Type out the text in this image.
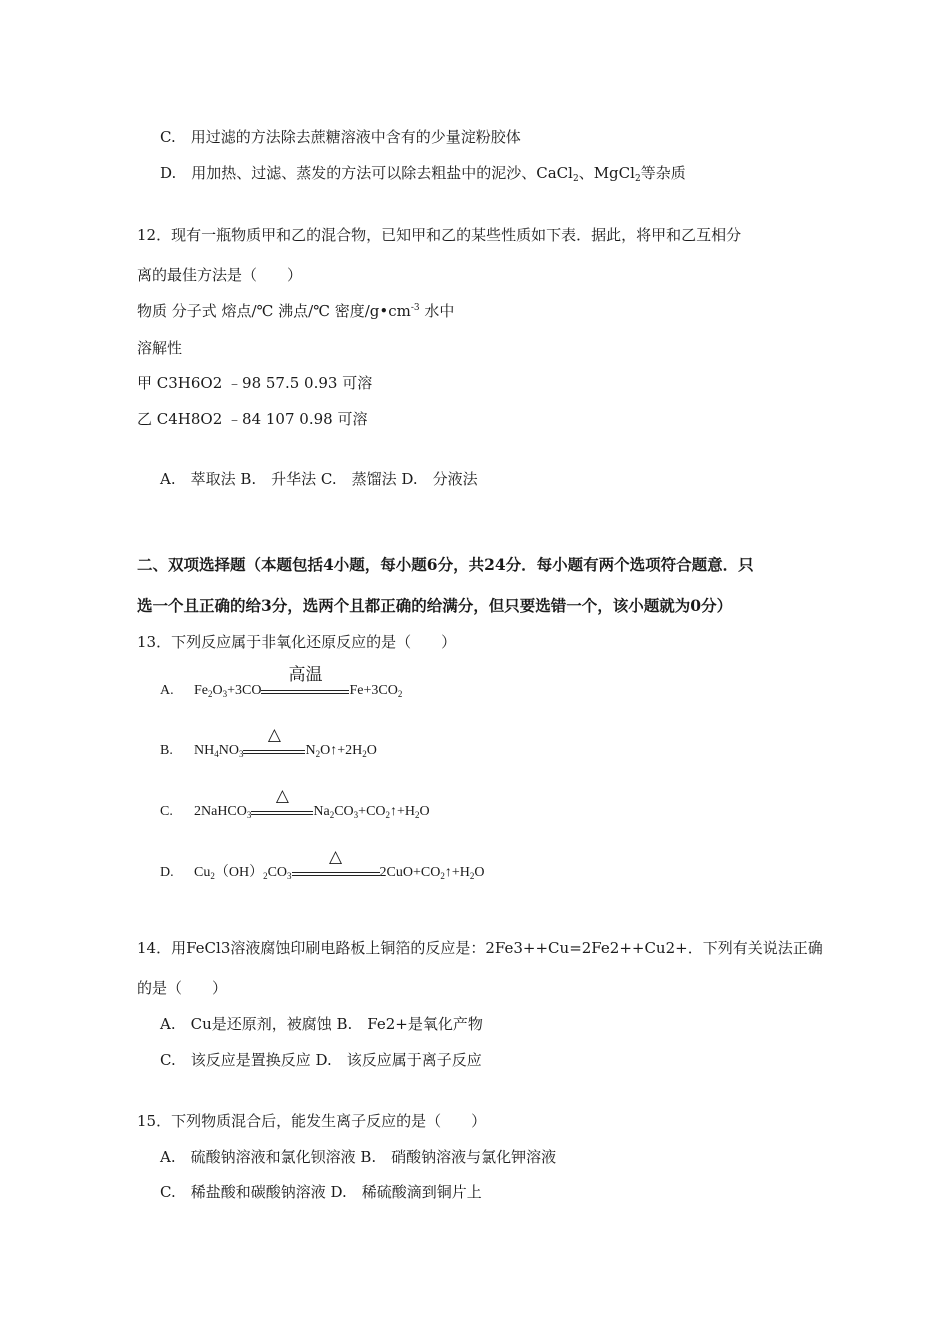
C.　用过滤的方法除去蔗糖溶液中含有的少量淀粉胶体
D.　用加热、过滤、蒸发的方法可以除去粗盐中的泥沙、CaCl$_2$、MgCl$_2$等杂质
12．现有一瓶物质甲和乙的混合物，已知甲和乙的某些性质如下表．据此，将甲和乙互相分
离的最佳方法是（　　）
物质 分子式 熔点/℃ 沸点/℃ 密度$/g•cm^{-3}$ 水中
溶解性
甲 C3H6O2 ﹣98 57.5 0.93 可溶
乙 C4H8O2 ﹣84 107 0.98 可溶
A.　萃取法 B.　升华法 C.　蒸馏法 D.　分液法
二、双项选择题（本题包括4小题，每小题6分，共24分．每小题有两个选项符合题意．只
选一个且正确的给3分，选两个且都正确的给满分，但只要选错一个，该小题就为0分）
13．下列反应属于非氧化还原反应的是（　　）
A. $Fe_2O_3+3CO$
高温
$Fe+3CO_2$
B. $NH_4NO_3$
△
$N_2O↑+2H_2O$
C. 2NaHCO$_3$
△
$Na_2CO_3+CO_2↑+H_2O$
D. $Cu_2(OH)_2CO_3$
△
$2CuO+CO_2↑+H_2O$
14．用FeCl3溶液腐蚀印刷电路板上铜箔的反应是：2Fe3++Cu=2Fe2++Cu2+．下列有关说法正确
的是（　　）
A.　Cu是还原剂，被腐蚀 B.　Fe2+是氧化产物
C.　该反应是置换反应 D.　该反应属于离子反应
15．下列物质混合后，能发生离子反应的是（　　）
A.　硫酸钠溶液和氯化钡溶液 B.　硝酸钠溶液与氯化钾溶液
C.　稀盐酸和碳酸钠溶液 D.　稀硫酸滴到铜片上
